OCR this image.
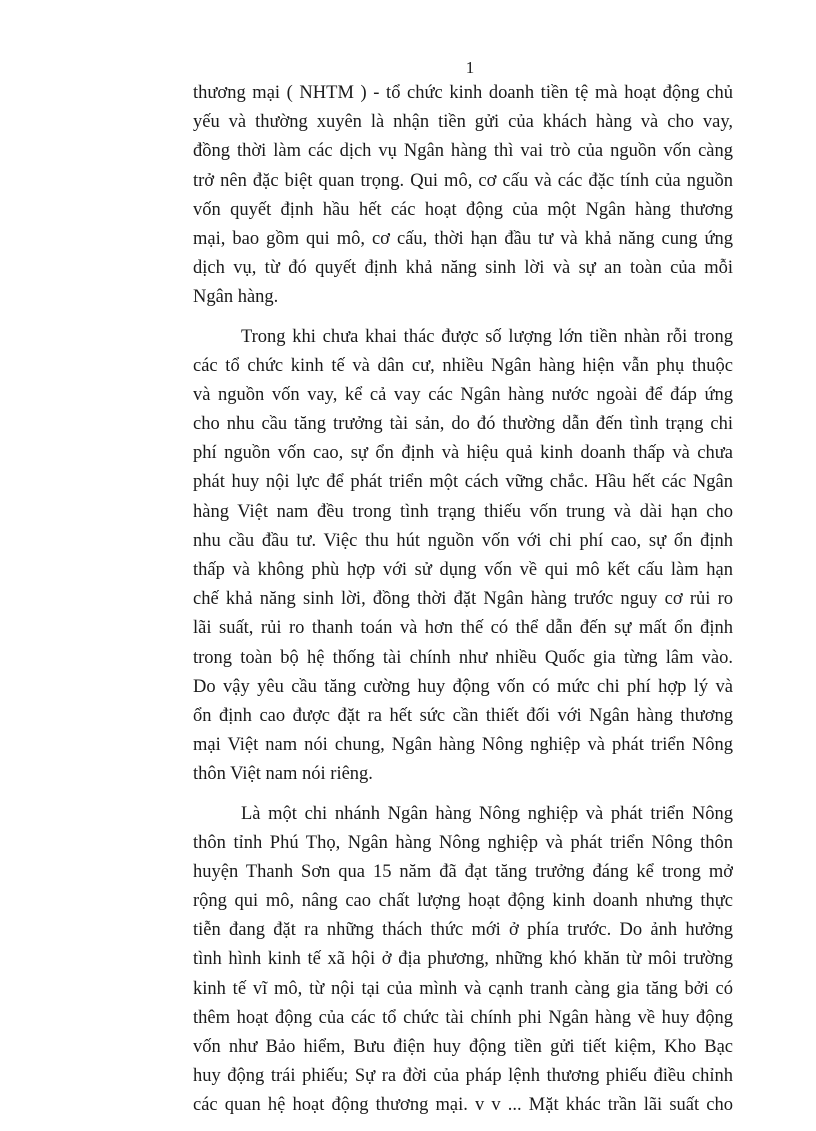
1
thương mại ( NHTM ) - tổ chức kinh doanh tiền tệ mà hoạt động chủ
yếu và thường xuyên là nhận tiền gửi của khách hàng và cho vay,
đồng thời làm các dịch vụ Ngân hàng thì vai trò của nguồn vốn càng
trở nên đặc biệt quan trọng. Qui mô, cơ cấu và các đặc tính của nguồn
vốn quyết định hầu hết các hoạt động của một Ngân hàng thương
mại, bao gồm qui mô, cơ cấu, thời hạn đầu tư và khả năng cung ứng
dịch vụ, từ đó quyết định khả năng sinh lời và sự an toàn của mỗi
Ngân hàng.
Trong khi chưa khai thác được số lượng lớn tiền nhàn rỗi trong
các tổ chức kinh tế và dân cư, nhiều Ngân hàng hiện vẫn phụ thuộc
và nguồn vốn vay, kể cả vay các Ngân hàng nước ngoài để đáp ứng
cho nhu cầu tăng trưởng tài sản, do đó thường dẫn đến tình trạng chi
phí nguồn vốn cao, sự ổn định và hiệu quả kinh doanh thấp và chưa
phát huy nội lực để phát triển một cách vững chắc. Hầu hết các Ngân
hàng Việt nam đều trong tình trạng thiếu vốn trung và dài hạn cho
nhu cầu đầu tư. Việc thu hút nguồn vốn với chi phí cao, sự ổn định
thấp và không phù hợp với sử dụng vốn về qui mô kết cấu làm hạn
chế khả năng sinh lời, đồng thời đặt Ngân hàng trước nguy cơ rủi ro
lãi suất, rủi ro thanh toán và hơn thế có thể dẫn đến sự mất ổn định
trong toàn bộ hệ thống tài chính như nhiều Quốc gia từng lâm vào.
Do vậy yêu cầu tăng cường huy động vốn có mức chi phí hợp lý và
ổn định cao được đặt ra hết sức cần thiết đối với Ngân hàng thương
mại Việt nam nói chung, Ngân hàng Nông nghiệp và phát triển Nông
thôn Việt nam nói riêng.
Là một chi nhánh Ngân hàng Nông nghiệp và phát triển Nông
thôn tỉnh Phú Thọ, Ngân hàng Nông nghiệp và phát triển Nông thôn
huyện Thanh Sơn qua 15 năm đã đạt tăng trưởng đáng kể trong mở
rộng qui mô, nâng cao chất lượng hoạt động kinh doanh nhưng thực
tiễn đang đặt ra những thách thức mới ở phía trước. Do ảnh hưởng
tình hình kinh tế xã hội ở địa phương, những khó khăn từ môi trường
kinh tế vĩ mô, từ nội tại của mình và cạnh tranh càng gia tăng bởi có
thêm hoạt động của các tổ chức tài chính phi Ngân hàng về huy động
vốn như Bảo hiểm, Bưu điện huy động tiền gửi tiết kiệm, Kho Bạc
huy động trái phiếu; Sự ra đời của pháp lệnh thương phiếu điều chỉnh
các quan hệ hoạt động thương mại. v v ... Mặt khác trần lãi suất cho
